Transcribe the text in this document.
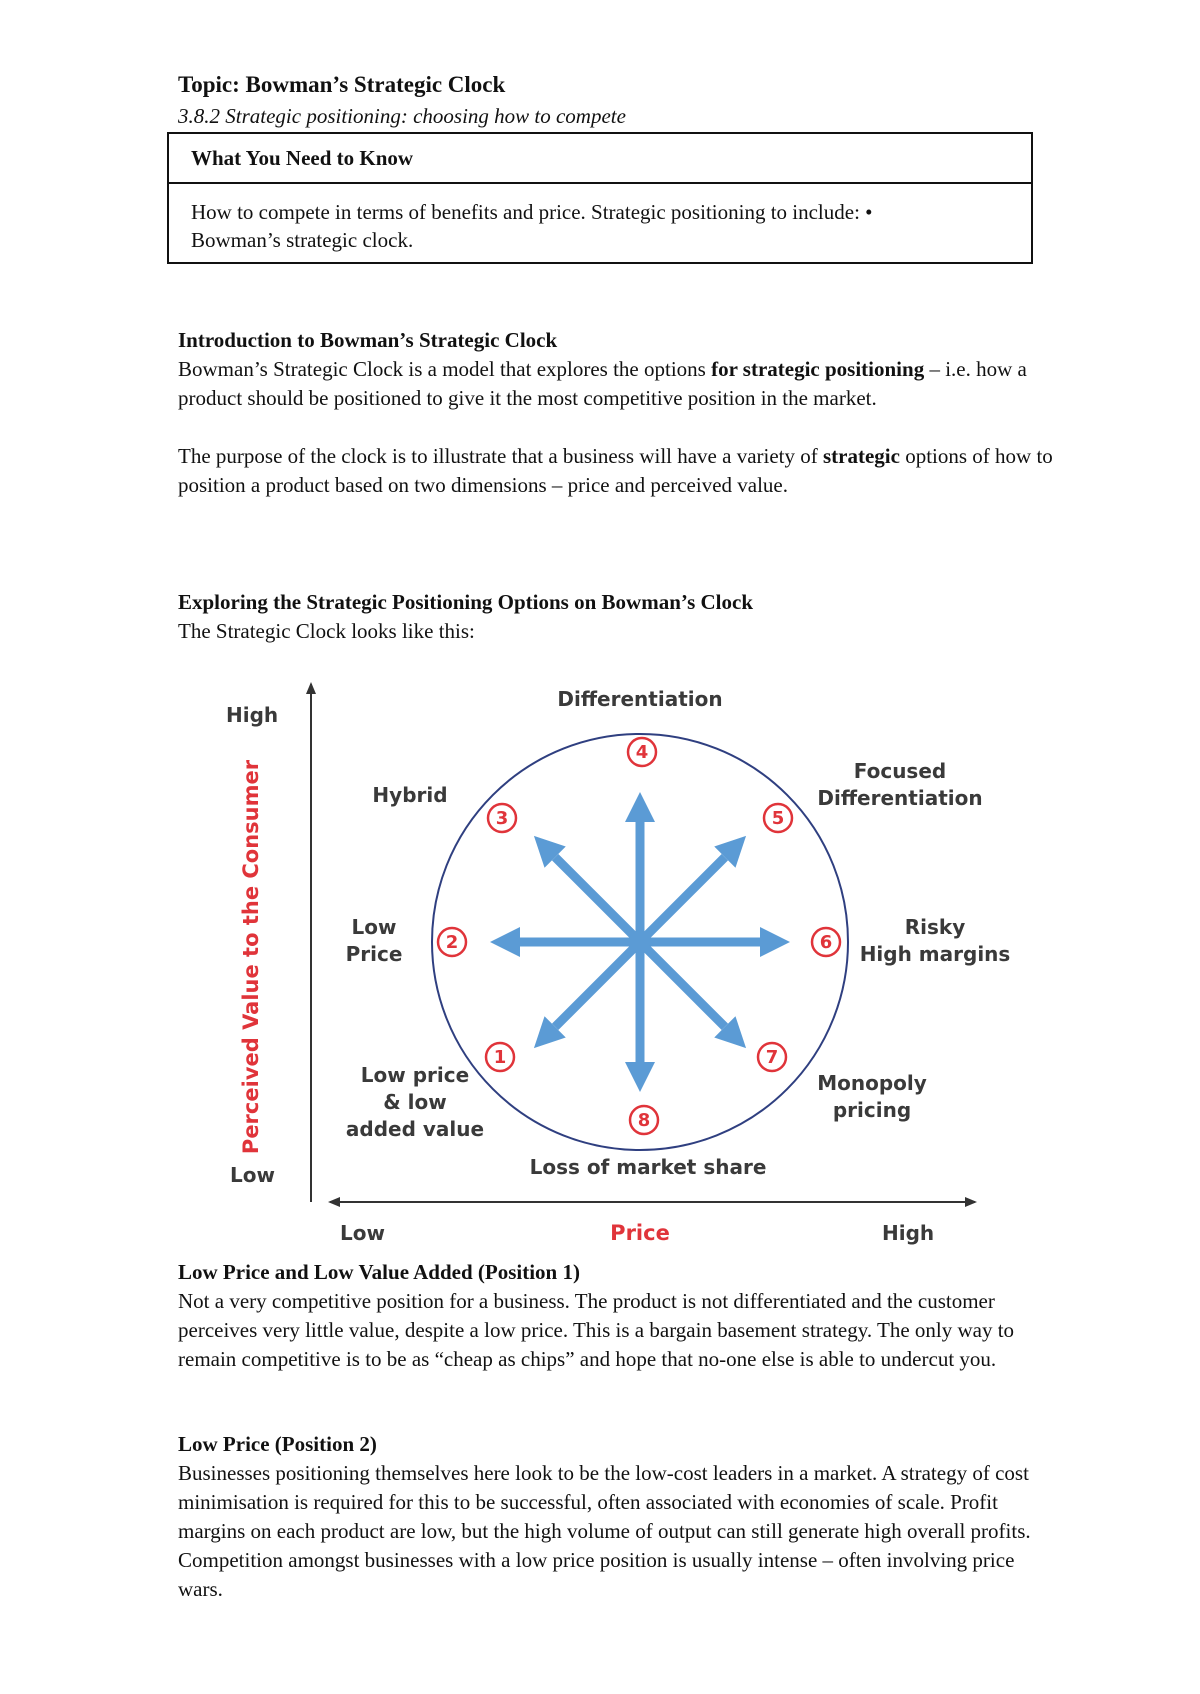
Topic: Bowman’s Strategic Clock

3.8.2 Strategic positioning: choosing how to compete

What You Need to Know
How to compete in terms of benefits and price. Strategic positioning to include: • Bowman’s strategic clock.

Introduction to Bowman’s Strategic Clock

Bowman’s Strategic Clock is a model that explores the options for strategic positioning – i.e. how a product should be positioned to give it the most competitive position in the market.

The purpose of the clock is to illustrate that a business will have a variety of strategic options of how to position a product based on two dimensions – price and perceived value.

Exploring the Strategic Positioning Options on Bowman’s Clock

The Strategic Clock looks like this:

High
Low
Perceived Value to the Consumer
Low	Price	High
1
2
3
4
5
6
7
8
Low price & low added value
Low Price
Hybrid
Differentiation
Focused Differentiation
Risky High margins
Monopoly pricing
Loss of market share

Low Price and Low Value Added (Position 1)

Not a very competitive position for a business. The product is not differentiated and the customer perceives very little value, despite a low price. This is a bargain basement strategy. The only way to remain competitive is to be as “cheap as chips” and hope that no-one else is able to undercut you.

Low Price (Position 2)

Businesses positioning themselves here look to be the low-cost leaders in a market. A strategy of cost minimisation is required for this to be successful, often associated with economies of scale. Profit margins on each product are low, but the high volume of output can still generate high overall profits. Competition amongst businesses with a low price position is usually intense – often involving price wars.
